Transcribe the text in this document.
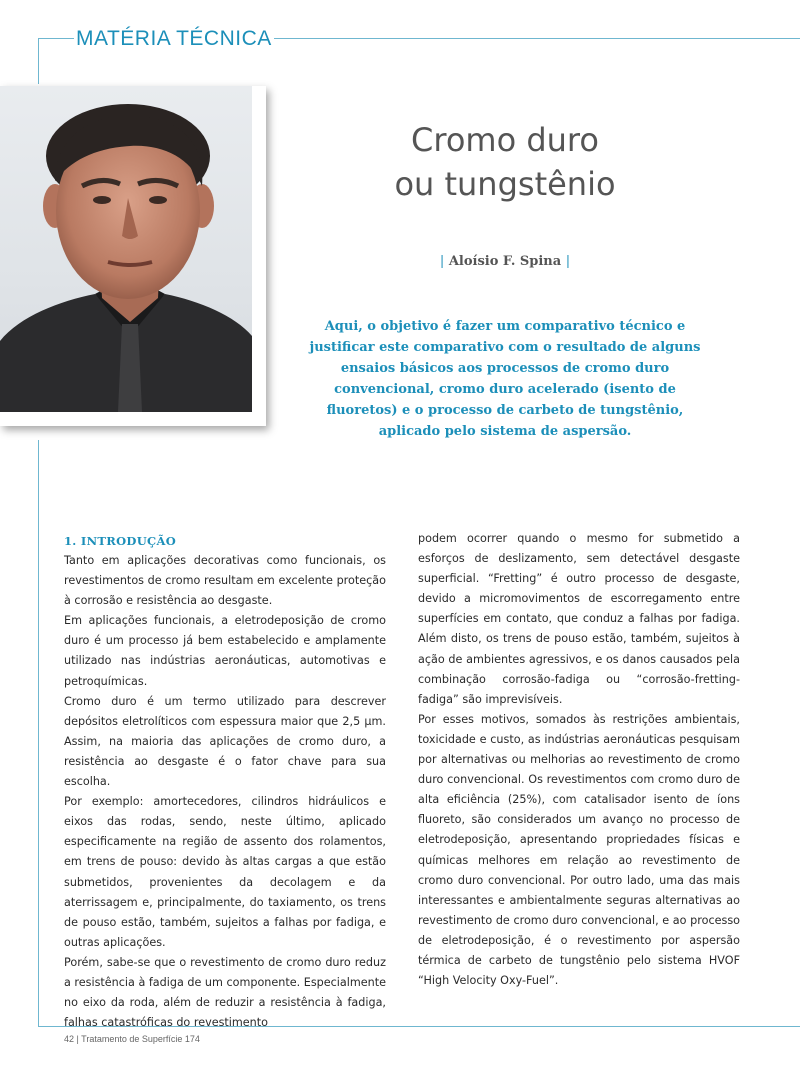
MATÉRIA TÉCNICA
Cromo duro
ou tungstênio
| Aloísio F. Spina |

Aqui, o objetivo é fazer um comparativo técnico e justificar este comparativo com o resultado de alguns ensaios básicos aos processos de cromo duro convencional, cromo duro acelerado (isento de fluoretos) e o processo de carbeto de tungstênio, aplicado pelo sistema de aspersão.

1. INTRODUÇÃO

Tanto em aplicações decorativas como funcionais, os revestimentos de cromo resultam em excelente proteção à corrosão e resistência ao desgaste.

Em aplicações funcionais, a eletrodeposição de cromo duro é um processo já bem estabelecido e amplamente utilizado nas indústrias aeronáuticas, automotivas e petroquímicas.

Cromo duro é um termo utilizado para descrever depósitos eletrolíticos com espessura maior que 2,5 µm. Assim, na maioria das aplicações de cromo duro, a resistência ao desgaste é o fator chave para sua escolha.

Por exemplo: amortecedores, cilindros hidráulicos e eixos das rodas, sendo, neste último, aplicado especificamente na região de assento dos rolamentos, em trens de pouso: devido às altas cargas a que estão submetidos, provenientes da decolagem e da aterrissagem e, principalmente, do taxiamento, os trens de pouso estão, também, sujeitos a falhas por fadiga, e outras aplicações.

Porém, sabe-se que o revestimento de cromo duro reduz a resistência à fadiga de um componente. Especialmente no eixo da roda, além de reduzir a resistência à fadiga, falhas catastróficas do revestimento

podem ocorrer quando o mesmo for submetido a esforços de deslizamento, sem detectável desgaste superficial. “Fretting” é outro processo de desgaste, devido a micromovimentos de escorregamento entre superfícies em contato, que conduz a falhas por fadiga. Além disto, os trens de pouso estão, também, sujeitos à ação de ambientes agressivos, e os danos causados pela combinação corrosão-fadiga ou “corrosão-fretting-fadiga” são imprevisíveis.

Por esses motivos, somados às restrições ambientais, toxicidade e custo, as indústrias aeronáuticas pesquisam por alternativas ou melhorias ao revestimento de cromo duro convencional. Os revestimentos com cromo duro de alta eficiência (25%), com catalisador isento de íons fluoreto, são considerados um avanço no processo de eletrodeposição, apresentando propriedades físicas e químicas melhores em relação ao revestimento de cromo duro convencional. Por outro lado, uma das mais interessantes e ambientalmente seguras alternativas ao revestimento de cromo duro convencional, e ao processo de eletrodeposição, é o revestimento por aspersão térmica de carbeto de tungstênio pelo sistema HVOF “High Velocity Oxy-Fuel”.

42 | Tratamento de Superfície 174
